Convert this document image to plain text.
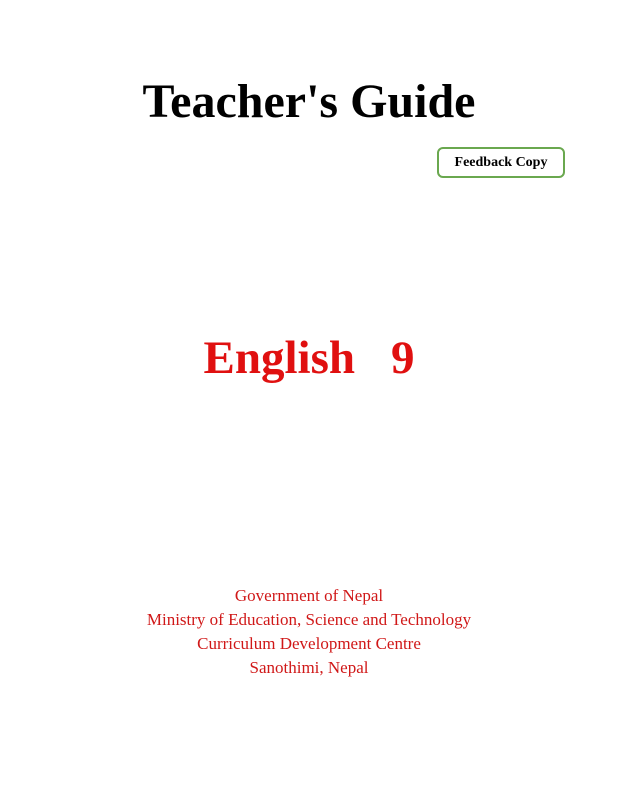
Teacher's Guide
Feedback Copy
English 9
Government of Nepal
Ministry of Education, Science and Technology
Curriculum Development Centre
Sanothimi, Nepal
